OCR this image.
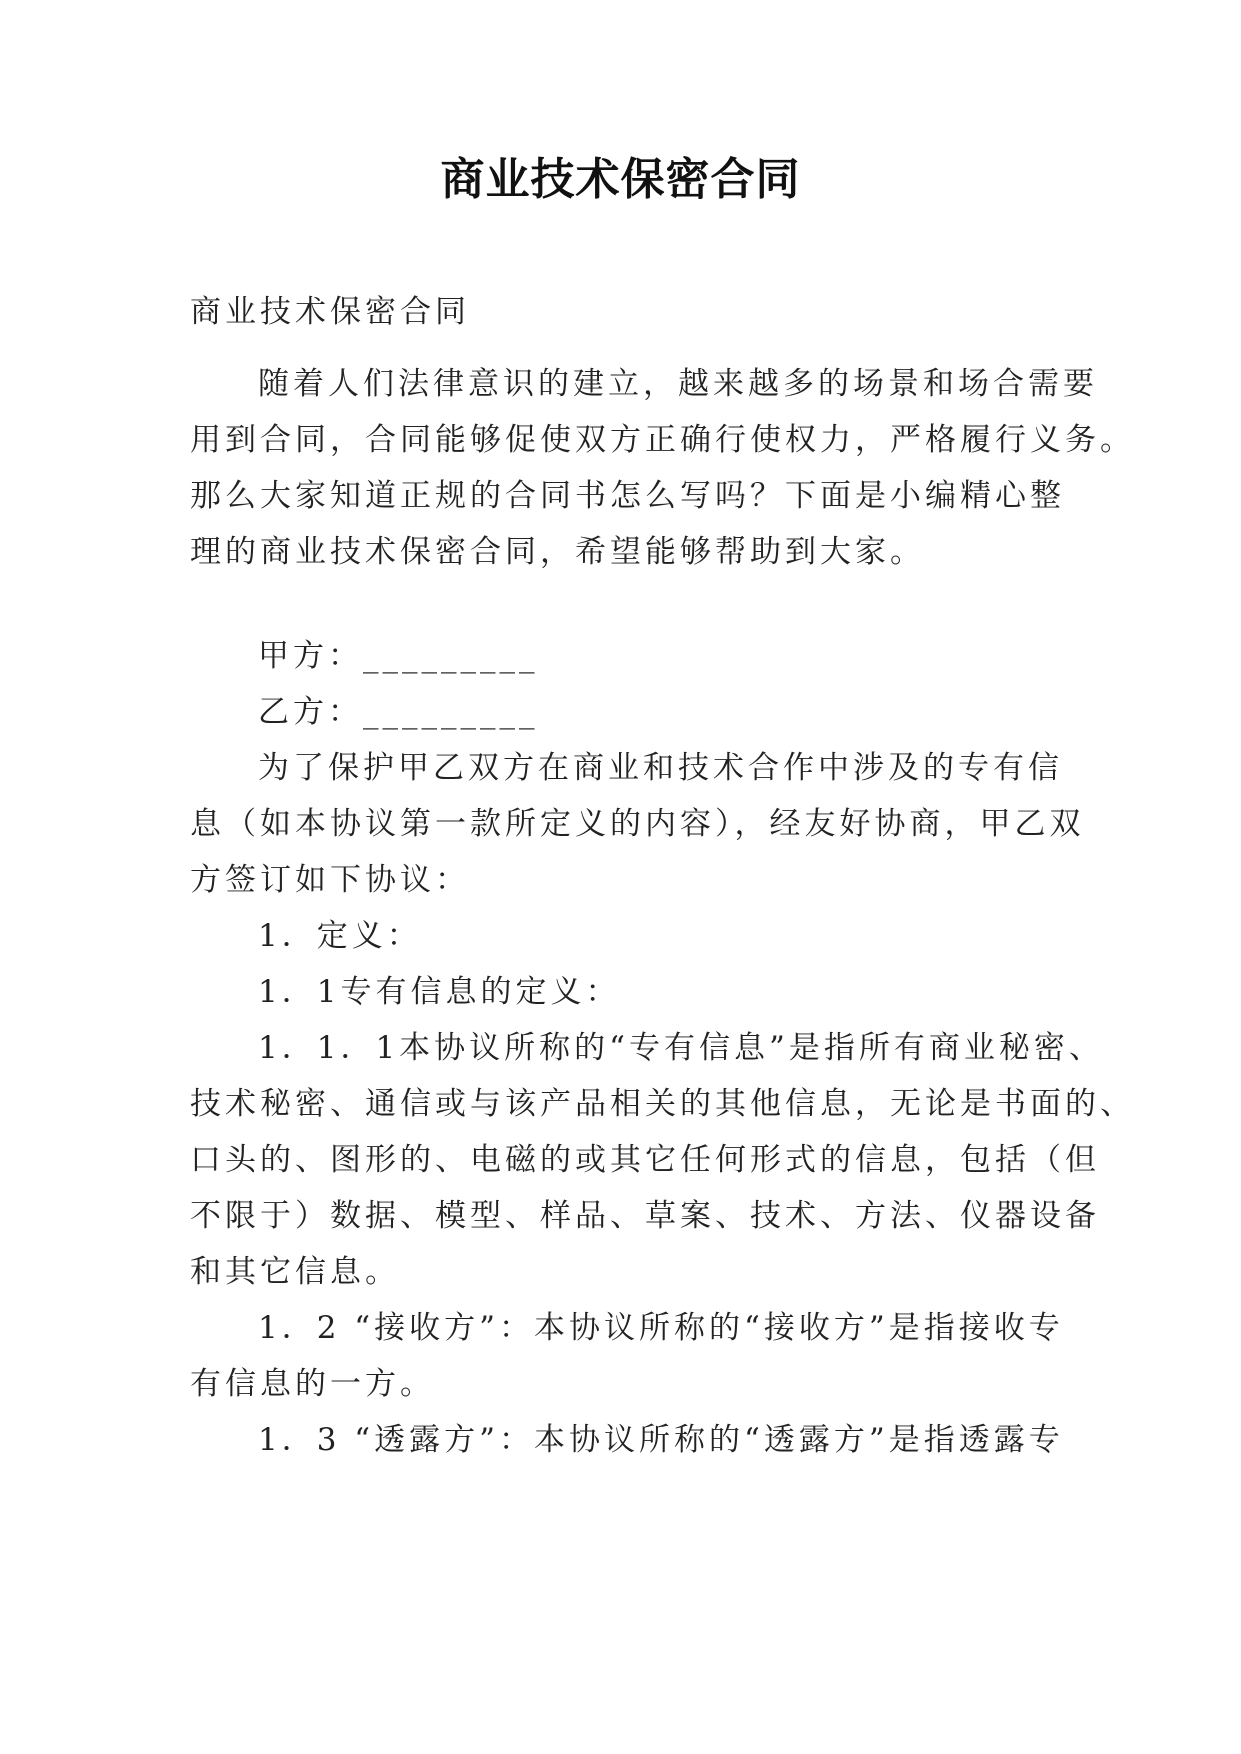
商业技术保密合同
商业技术保密合同
随着人们法律意识的建立，越来越多的场景和场合需要
用到合同，合同能够促使双方正确行使权力，严格履行义务。
那么大家知道正规的合同书怎么写吗？下面是小编精心整
理的商业技术保密合同，希望能够帮助到大家。
甲方：_________
乙方：_________
为了保护甲乙双方在商业和技术合作中涉及的专有信
息（如本协议第一款所定义的内容），经友好协商，甲乙双
方签订如下协议：
1．定义：
1．1专有信息的定义：
1．1．1本协议所称的“专有信息”是指所有商业秘密、
技术秘密、通信或与该产品相关的其他信息，无论是书面的、
口头的、图形的、电磁的或其它任何形式的信息，包括（但
不限于）数据、模型、样品、草案、技术、方法、仪器设备
和其它信息。
1．2 “接收方”：本协议所称的“接收方”是指接收专
有信息的一方。
1．3 “透露方”：本协议所称的“透露方”是指透露专
